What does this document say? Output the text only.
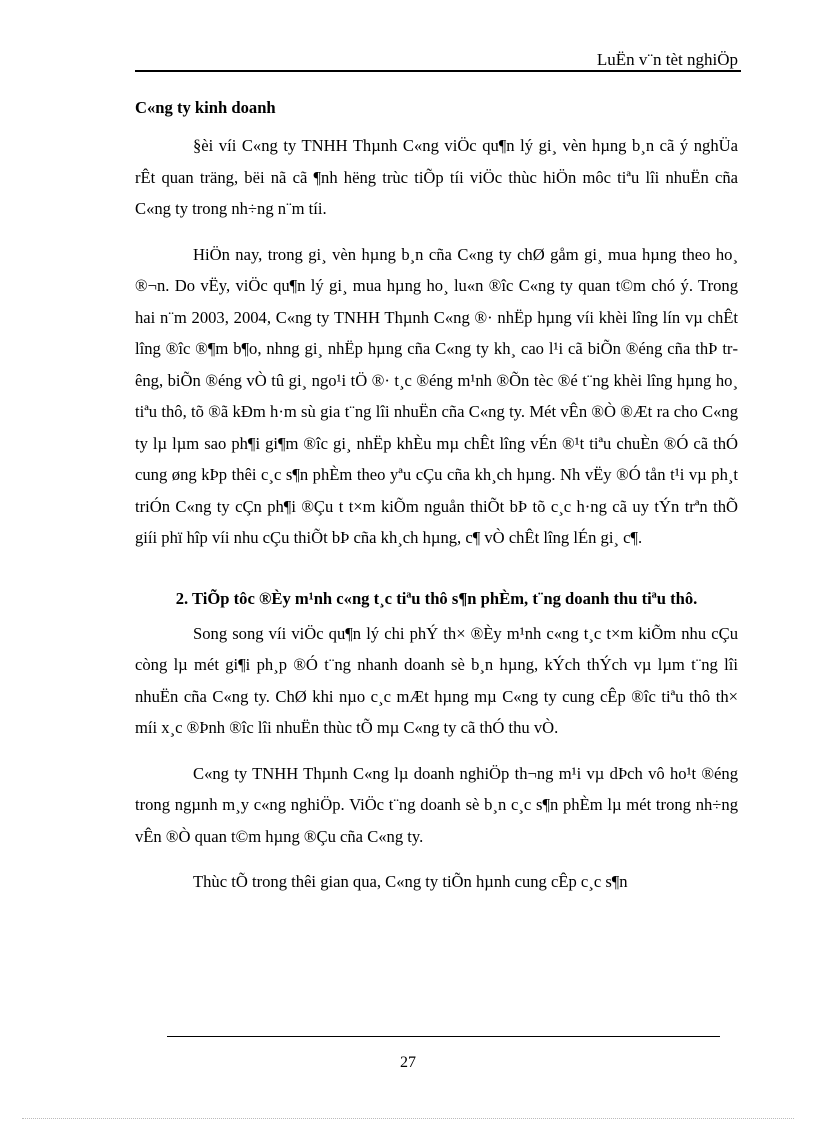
LuËn v¨n tèt nghiÖp

C«ng ty kinh doanh

§èi víi C«ng ty TNHH Thµnh C«ng viÖc qu¶n lý gi¸ vèn hµng b¸n cã ý nghÜa rÊt quan träng, bëi nã cã ¶nh hëng trùc tiÕp tíi viÖc thùc hiÖn môc tiªu lîi nhuËn cña C«ng ty trong nh÷ng n¨m tíi.

HiÖn nay, trong gi¸ vèn hµng b¸n cña C«ng ty chØ gåm gi¸ mua hµng theo ho¸ ®¬n. Do vËy, viÖc qu¶n lý gi¸ mua hµng ho¸ lu«n ®îc C«ng ty quan t©m chó ý. Trong hai n¨m 2003, 2004, C«ng ty TNHH Thµnh C«ng ®· nhËp hµng víi khèi lîng lín vµ chÊt lîng ®îc ®¶m b¶o, nhng gi¸ nhËp hµng cña C«ng ty kh¸ cao l¹i cã biÕn ®éng cña thÞ trêng, biÕn ®éng vÒ tû gi¸ ngo¹i tÖ ®· t¸c ®éng m¹nh ®Õn tèc ®é t¨ng khèi lîng hµng ho¸ tiªu thô, tõ ®ã kÐm h·m sù gia t¨ng lîi nhuËn cña C«ng ty. Mét vÊn ®Ò ®Æt ra cho C«ng ty lµ lµm sao ph¶i gi¶m ®îc gi¸ nhËp khÈu mµ chÊt lîng vÉn ®¹t tiªu chuÈn ®Ó cã thÓ cung øng kÞp thêi c¸c s¶n phÈm theo yªu cÇu cña kh¸ch hµng. Nh vËy ®Ó tån t¹i vµ ph¸t triÓn C«ng ty cÇn ph¶i ®Çu t t×m kiÕm nguån thiÕt bÞ tõ c¸c h·ng cã uy tÝn trªn thÕ giíi phï hîp víi nhu cÇu thiÕt bÞ cña kh¸ch hµng, c¶ vÒ chÊt lîng lÉn gi¸ c¶.

2. TiÕp tôc ®Èy m¹nh c«ng t¸c tiªu thô s¶n phÈm, t¨ng doanh thu tiªu thô.

Song song víi viÖc qu¶n lý chi phÝ th× ®Èy m¹nh c«ng t¸c t×m kiÕm nhu cÇu còng lµ mét gi¶i ph¸p ®Ó t¨ng nhanh doanh sè b¸n hµng, kÝch thÝch vµ lµm t¨ng lîi nhuËn cña C«ng ty. ChØ khi nµo c¸c mÆt hµng mµ C«ng ty cung cÊp ®îc tiªu thô th× míi x¸c ®Þnh ®îc lîi nhuËn thùc tÕ mµ C«ng ty cã thÓ thu vÒ.

C«ng ty TNHH Thµnh C«ng lµ doanh nghiÖp th¬ng m¹i vµ dÞch vô ho¹t ®éng trong ngµnh m¸y c«ng nghiÖp. ViÖc t¨ng doanh sè b¸n c¸c s¶n phÈm lµ mét trong nh÷ng vÊn ®Ò quan t©m hµng ®Çu cña C«ng ty.

Thùc tÕ trong thêi gian qua, C«ng ty tiÕn hµnh cung cÊp c¸c s¶n

27
